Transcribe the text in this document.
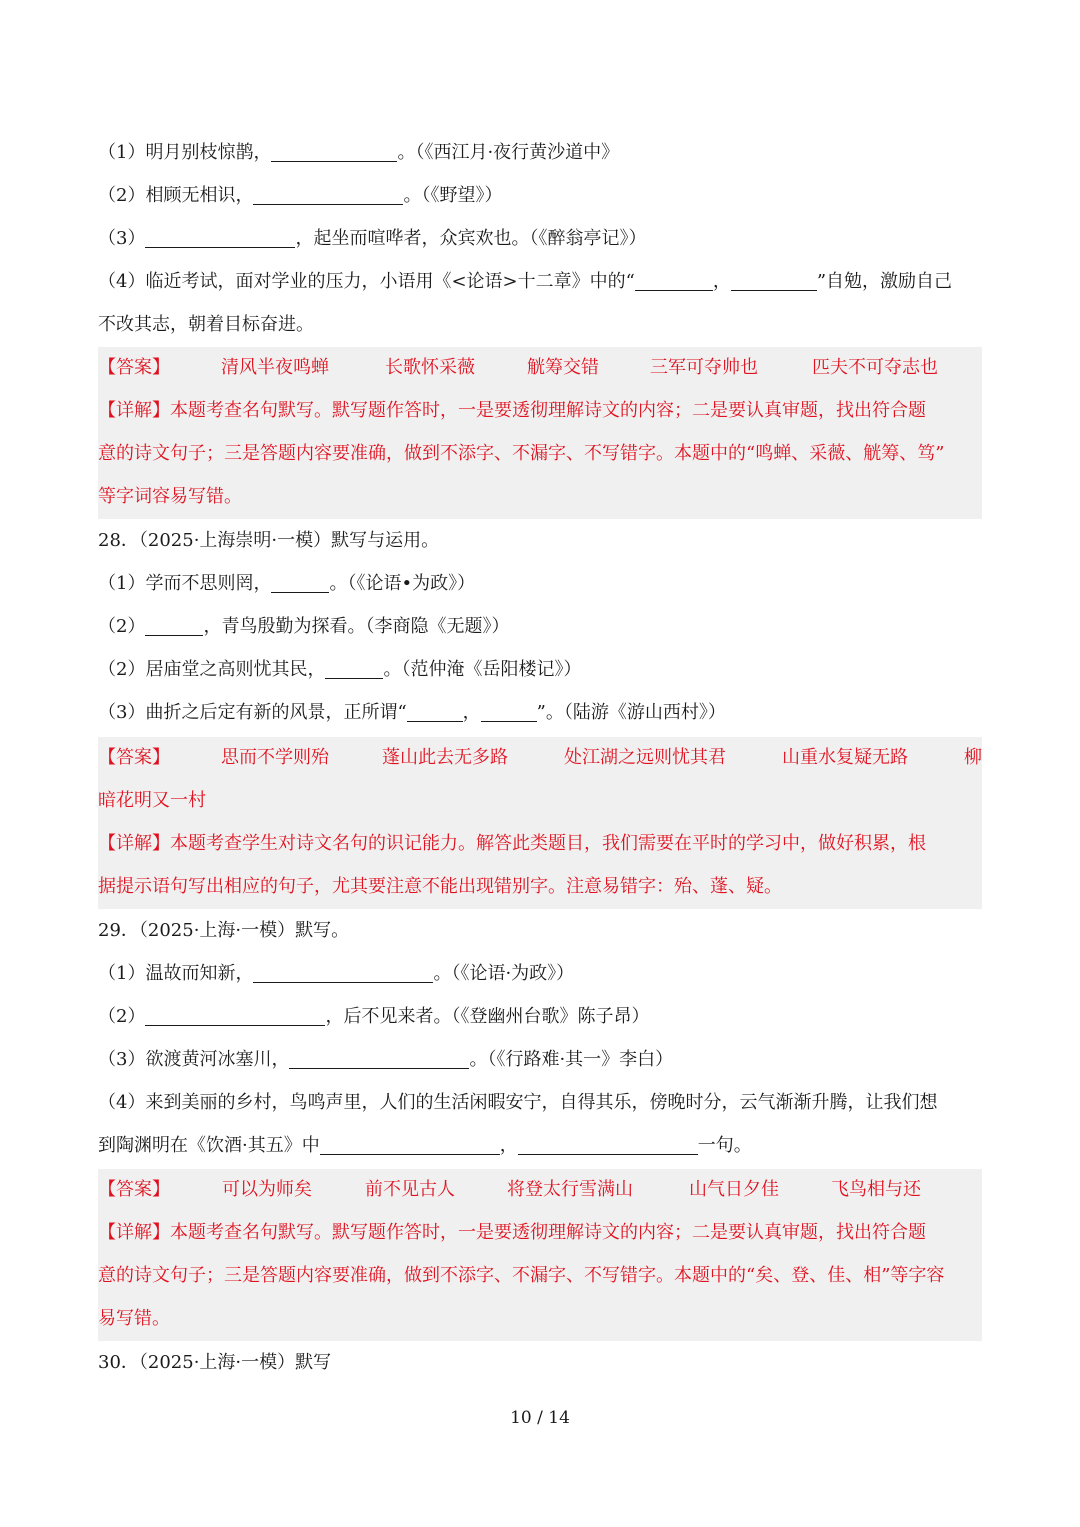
（1）明月别枝惊鹊，	。（《西江月·夜行黄沙道中》
（2）相顾无相识，	。（《野望》）
（3）	，起坐而喧哗者，众宾欢也。（《醉翁亭记》）
（4）临近考试，面对学业的压力，小语用《<论语>十二章》中的“	，	”自勉，激励自己
不改其志，朝着目标奋进。
【答案】	清风半夜鸣蝉	长歌怀采薇	觥筹交错	三军可夺帅也	匹夫不可夺志也
【详解】本题考查名句默写。默写题作答时，一是要透彻理解诗文的内容；二是要认真审题，找出符合题
意的诗文句子；三是答题内容要准确，做到不添字、不漏字、不写错字。本题中的“鸣蝉、采薇、觥筹、笃”
等字词容易写错。
28．（2025·上海崇明·一模）默写与运用。
（1）学而不思则罔，	。（《论语•为政》）
（2）	，青鸟殷勤为探看。（李商隐《无题》）
（2）居庙堂之高则忧其民，	。（范仲淹《岳阳楼记》）
（3）曲折之后定有新的风景，正所谓“	，	”。（陆游《游山西村》）
【答案】	思而不学则殆	蓬山此去无多路	处江湖之远则忧其君	山重水复疑无路	柳
暗花明又一村
【详解】本题考查学生对诗文名句的识记能力。解答此类题目，我们需要在平时的学习中，做好积累，根
据提示语句写出相应的句子，尤其要注意不能出现错别字。注意易错字：殆、蓬、疑。
29．（2025·上海·一模）默写。
（1）温故而知新，	。（《论语·为政》）
（2）	，后不见来者。（《登幽州台歌》陈子昂）
（3）欲渡黄河冰塞川，	。（《行路难·其一》李白）
（4）来到美丽的乡村，鸟鸣声里，人们的生活闲暇安宁，自得其乐，傍晚时分，云气渐渐升腾，让我们想
到陶渊明在《饮酒·其五》中	，	一句。
【答案】	可以为师矣	前不见古人	将登太行雪满山	山气日夕佳	飞鸟相与还
【详解】本题考查名句默写。默写题作答时，一是要透彻理解诗文的内容；二是要认真审题，找出符合题
意的诗文句子；三是答题内容要准确，做到不添字、不漏字、不写错字。本题中的“矣、登、佳、相”等字容
易写错。
30．（2025·上海·一模）默写
10 / 14
